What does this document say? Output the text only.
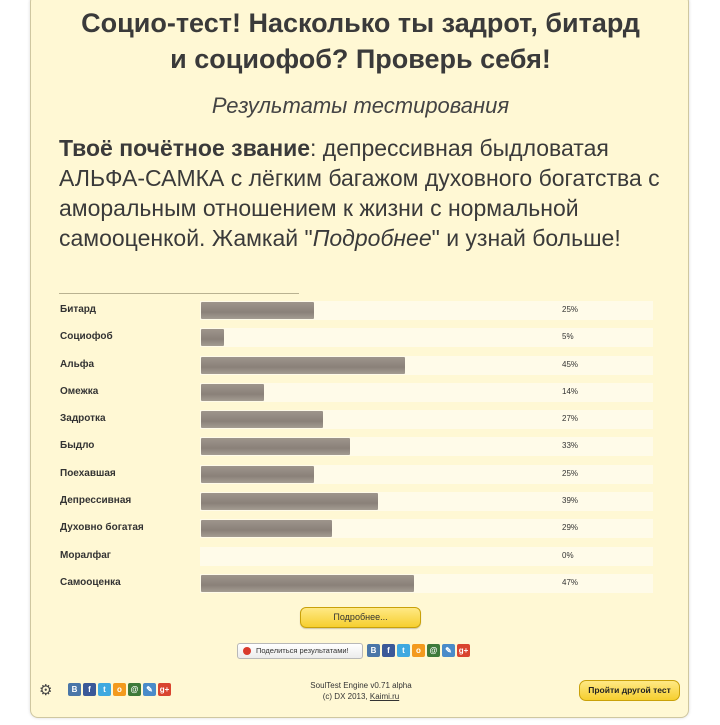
Социо-тест! Насколько ты задрот, битард
и социофоб? Проверь себя!
Результаты тестирования
Твоё почётное звание: депрессивная быдловатая АЛЬФА-САМКА с лёгким багажом духовного богатства с аморальным отношением к жизни с нормальной самооценкой. Жамкай "Подробнее" и узнай больше!
Битард	25%
Социофоб	5%
Альфа	45%
Омежка	14%
Задротка	27%
Быдло	33%
Поехавшая	25%
Депрессивная	39%
Духовно богатая	29%
Моралфаг	0%
Самооценка	47%
Подробнее...
Поделиться результатами!	B	f	t	o	@ ✎ g+
⚙	B	f	t	o	@ ✎ g+	SoulTest Engine v0.71 alpha
(c) DX 2013, Kaimi.ru
Пройти другой тест
